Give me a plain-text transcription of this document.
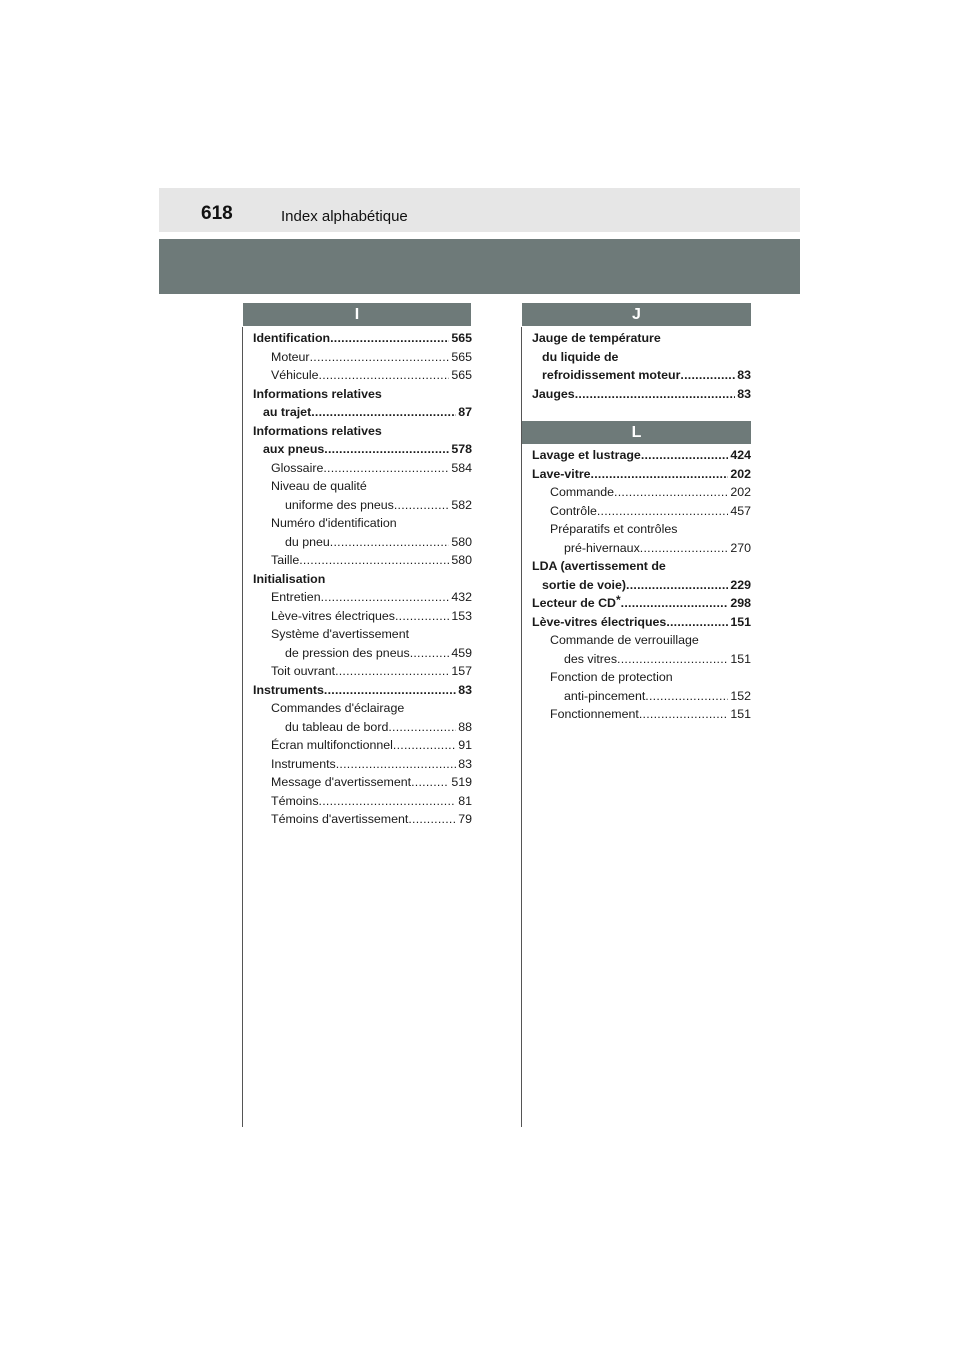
618	Index alphabétique
I	J
L
Identification . . .	565
Moteur . . .	565
Véhicule . . .	565
Informations relatives
au trajet . . .	87
Informations relatives
aux pneus . . .	578
Glossaire . . .	584
Niveau de qualité
uniforme des pneus . . .	582
Numéro d'identification
du pneu . . .	580
Taille . . .	580
Initialisation
Entretien . . .	432
Lève-vitres électriques . . .	153
Système d'avertissement
de pression des pneus . . .	459
Toit ouvrant . . .	157
Instruments . . .	83
Commandes d'éclairage
du tableau de bord . . .	88
Écran multifonctionnel . . .	91
Instruments . . .	83
Message d'avertissement . . .	519
Témoins . . .	81
Témoins d'avertissement . . .	79
Jauge de température
du liquide de
refroidissement moteur . . .	83
Jauges . . .	83
Lavage et lustrage . . .	424
Lave-vitre . . .	202
Commande . . .	202
Contrôle . . .	457
Préparatifs et contrôles
pré-hivernaux . . .	270
LDA (avertissement de
sortie de voie) . . .	229
Lecteur de CD * . . .	298
Lève-vitres électriques . . .	151
Commande de verrouillage
des vitres . . .	151
Fonction de protection
anti-pincement . . .	152
Fonctionnement . . .	151
